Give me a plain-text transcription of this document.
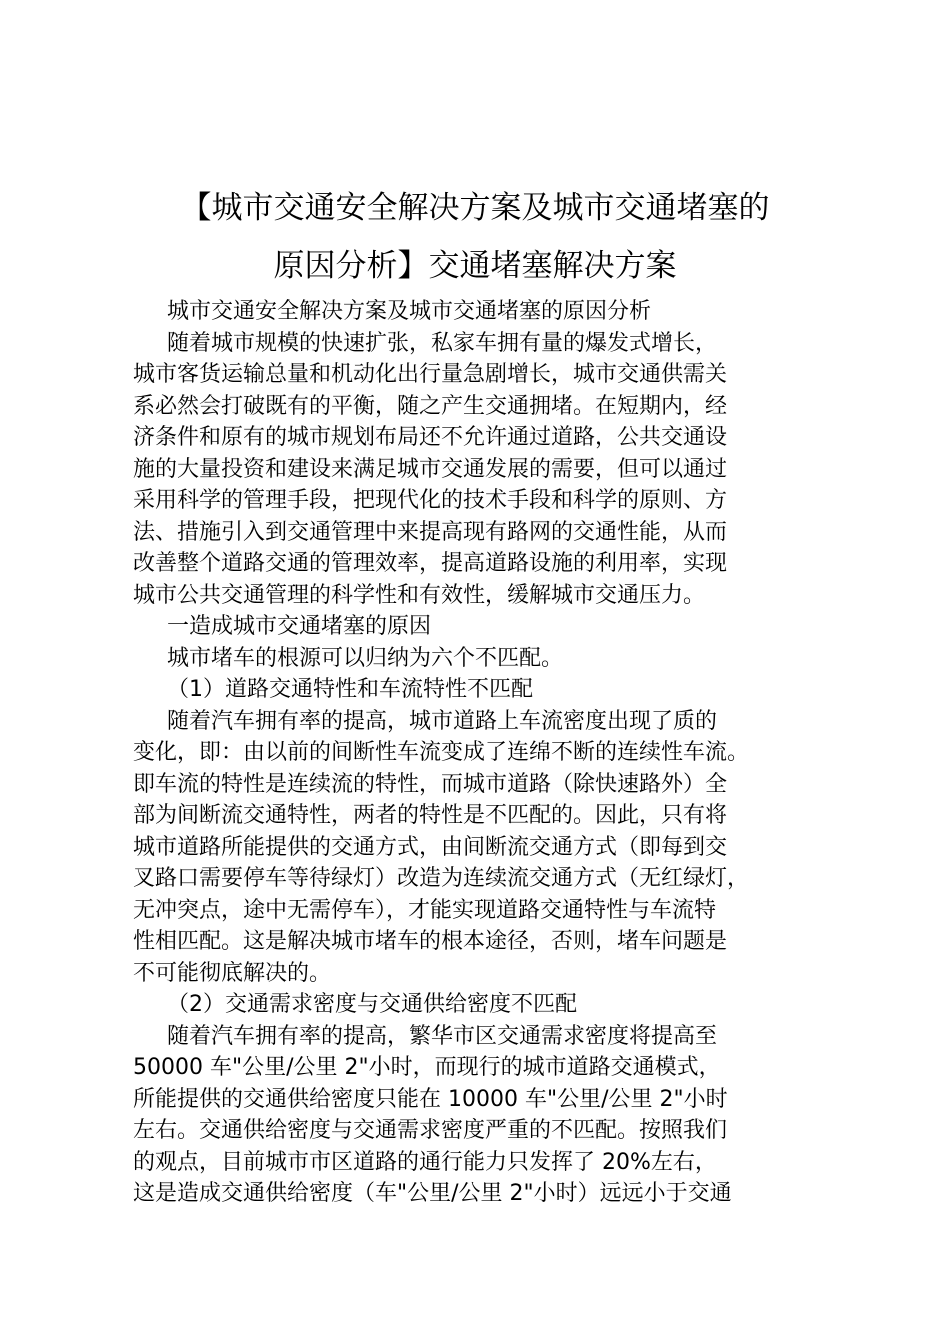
【城市交通安全解决方案及城市交通堵塞的
原因分析】交通堵塞解决方案
城市交通安全解决方案及城市交通堵塞的原因分析
随着城市规模的快速扩张，私家车拥有量的爆发式增长，
城市客货运输总量和机动化出行量急剧增长，城市交通供需关
系必然会打破既有的平衡，随之产生交通拥堵。在短期内，经
济条件和原有的城市规划布局还不允许通过道路，公共交通设
施的大量投资和建设来满足城市交通发展的需要，但可以通过
采用科学的管理手段，把现代化的技术手段和科学的原则、方
法、措施引入到交通管理中来提高现有路网的交通性能，从而
改善整个道路交通的管理效率，提高道路设施的利用率，实现
城市公共交通管理的科学性和有效性，缓解城市交通压力。
一造成城市交通堵塞的原因
城市堵车的根源可以归纳为六个不匹配。
（1）道路交通特性和车流特性不匹配
随着汽车拥有率的提高，城市道路上车流密度出现了质的
变化，即：由以前的间断性车流变成了连绵不断的连续性车流。
即车流的特性是连续流的特性，而城市道路（除快速路外）全
部为间断流交通特性，两者的特性是不匹配的。因此，只有将
城市道路所能提供的交通方式，由间断流交通方式（即每到交
叉路口需要停车等待绿灯）改造为连续流交通方式（无红绿灯，
无冲突点，途中无需停车），才能实现道路交通特性与车流特
性相匹配。这是解决城市堵车的根本途径，否则，堵车问题是
不可能彻底解决的。
（2）交通需求密度与交通供给密度不匹配
随着汽车拥有率的提高，繁华市区交通需求密度将提高至
50000 车"公里/公里 2"小时，而现行的城市道路交通模式，
所能提供的交通供给密度只能在 10000 车"公里/公里 2"小时
左右。交通供给密度与交通需求密度严重的不匹配。按照我们
的观点，目前城市市区道路的通行能力只发挥了 20%左右，
这是造成交通供给密度（车"公里/公里 2"小时）远远小于交通
